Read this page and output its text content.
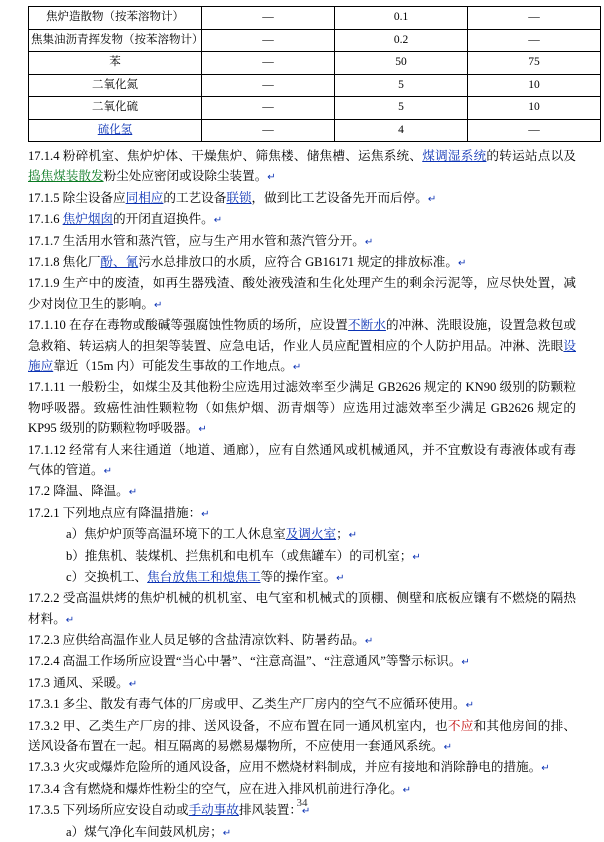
焦炉造散物（按苯溶物计）	—	0.1	—
焦集油沥青挥发物（按苯溶物计）	—	0.2	—
苯	—	50	75
二氧化氮	—	5	10
二氧化硫	—	5	10
硫化氢	—	4	—

17.1.4 粉碎机室、焦炉炉体、干燥焦炉、筛焦楼、储焦槽、运焦系统、煤调湿系统的转运站点以及捣焦煤装散发粉尘处应密闭或设除尘装置。↵

17.1.5 除尘设备应同相应的工艺设备联锁，做到比工艺设备先开而后停。↵

17.1.6 焦炉烟囱的开闭直迢换件。↵

17.1.7 生活用水管和蒸汽管，应与生产用水管和蒸汽管分开。↵

17.1.8 焦化厂酚、氰污水总排放口的水质，应符合 GB16171 规定的排放标准。↵

17.1.9 生产中的废渣，如再生器残渣、酸处液残渣和生化处理产生的剩余污泥等，应尽快处置，减少对岗位卫生的影响。↵

17.1.10 在存在毒物或酸碱等强腐蚀性物质的场所，应设置不断水的冲淋、洗眼设施，设置急救包或急救箱、转运病人的担架等装置、应急电话，作业人员应配置相应的个人防护用品。冲淋、洗眼设施应靠近（15m 内）可能发生事故的工作地点。↵

17.1.11 一般粉尘，如煤尘及其他粉尘应选用过滤效率至少满足 GB2626 规定的 KN90 级别的防颗粒物呼吸器。致癌性油性颗粒物（如焦炉烟、沥青烟等）应选用过滤效率至少满足 GB2626 规定的 KP95 级别的防颗粒物呼吸器。↵

17.1.12 经常有人来往通道（地道、通廊），应有自然通风或机械通风，并不宜敷设有毒液体或有毒气体的管道。↵

17.2 降温、降温。↵

17.2.1 下列地点应有降温措施：↵

a）焦炉炉顶等高温环境下的工人休息室及调火室；↵

b）推焦机、装煤机、拦焦机和电机车（或焦罐车）的司机室；↵

c）交换机工、焦台放焦工和熄焦工等的操作室。↵

17.2.2 受高温烘烤的焦炉机械的机机室、电气室和机械式的顶棚、侧壁和底板应镶有不燃烧的隔热材料。↵

17.2.3 应供给高温作业人员足够的含盐清凉饮料、防暑药品。↵

17.2.4 高温工作场所应设置“当心中暑”、“注意高温”、“注意通风”等警示标识。↵

17.3 通风、采暖。↵

17.3.1 多尘、散发有毒气体的厂房或甲、乙类生产厂房内的空气不应循环使用。↵

17.3.2 甲、乙类生产厂房的排、送风设备，不应布置在同一通风机室内，也不应和其他房间的排、送风设备布置在一起。相互隔离的易燃易爆物所，不应使用一套通风系统。↵

17.3.3 火灾或爆炸危险所的通风设备，应用不燃烧材料制成，并应有接地和消除静电的措施。↵

17.3.4 含有燃烧和爆炸性粉尘的空气，应在进入排风机前进行净化。↵

17.3.5 下列场所应安设自动或手动事故排风装置：↵

a）煤气净化车间鼓风机房；↵

34
